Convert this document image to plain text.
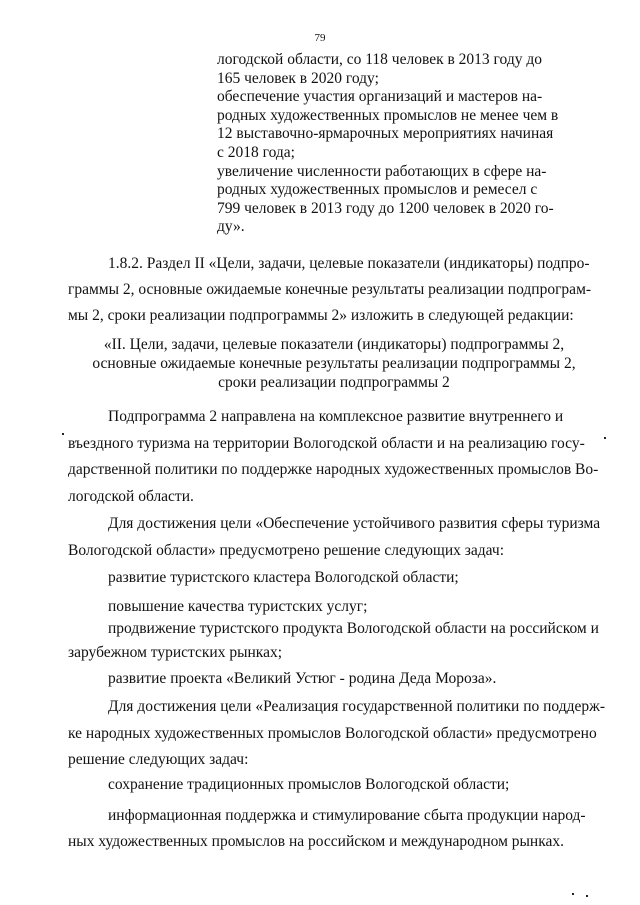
79
логодской области, со 118 человек в 2013 году до
165 человек в 2020 году;
обеспечение участия организаций и мастеров на-
родных художественных промыслов не менее чем в
12 выставочно-ярмарочных мероприятиях начиная
с 2018 года;
увеличение численности работающих в сфере на-
родных художественных промыслов и ремесел с
799 человек в 2013 году до 1200 человек в 2020 го-
ду».
1.8.2. Раздел II «Цели, задачи, целевые показатели (индикаторы) подпро-
граммы 2, основные ожидаемые конечные результаты реализации подпрограм-
мы 2, сроки реализации подпрограммы 2» изложить в следующей редакции:
«II. Цели, задачи, целевые показатели (индикаторы) подпрограммы 2,
основные ожидаемые конечные результаты реализации подпрограммы 2,
сроки реализации подпрограммы 2
Подпрограмма 2 направлена на комплексное развитие внутреннего и
въездного туризма на территории Вологодской области и на реализацию госу-
дарственной политики по поддержке народных художественных промыслов Во-
логодской области.
Для достижения цели «Обеспечение устойчивого развития сферы туризма
Вологодской области» предусмотрено решение следующих задач:
развитие туристского кластера Вологодской области;
повышение качества туристских услуг;
продвижение туристского продукта Вологодской области на российском и
зарубежном туристских рынках;
развитие проекта «Великий Устюг - родина Деда Мороза».
Для достижения цели «Реализация государственной политики по поддерж-
ке народных художественных промыслов Вологодской области» предусмотрено
решение следующих задач:
сохранение традиционных промыслов Вологодской области;
информационная поддержка и стимулирование сбыта продукции народ-
ных художественных промыслов на российском и международном рынках.
